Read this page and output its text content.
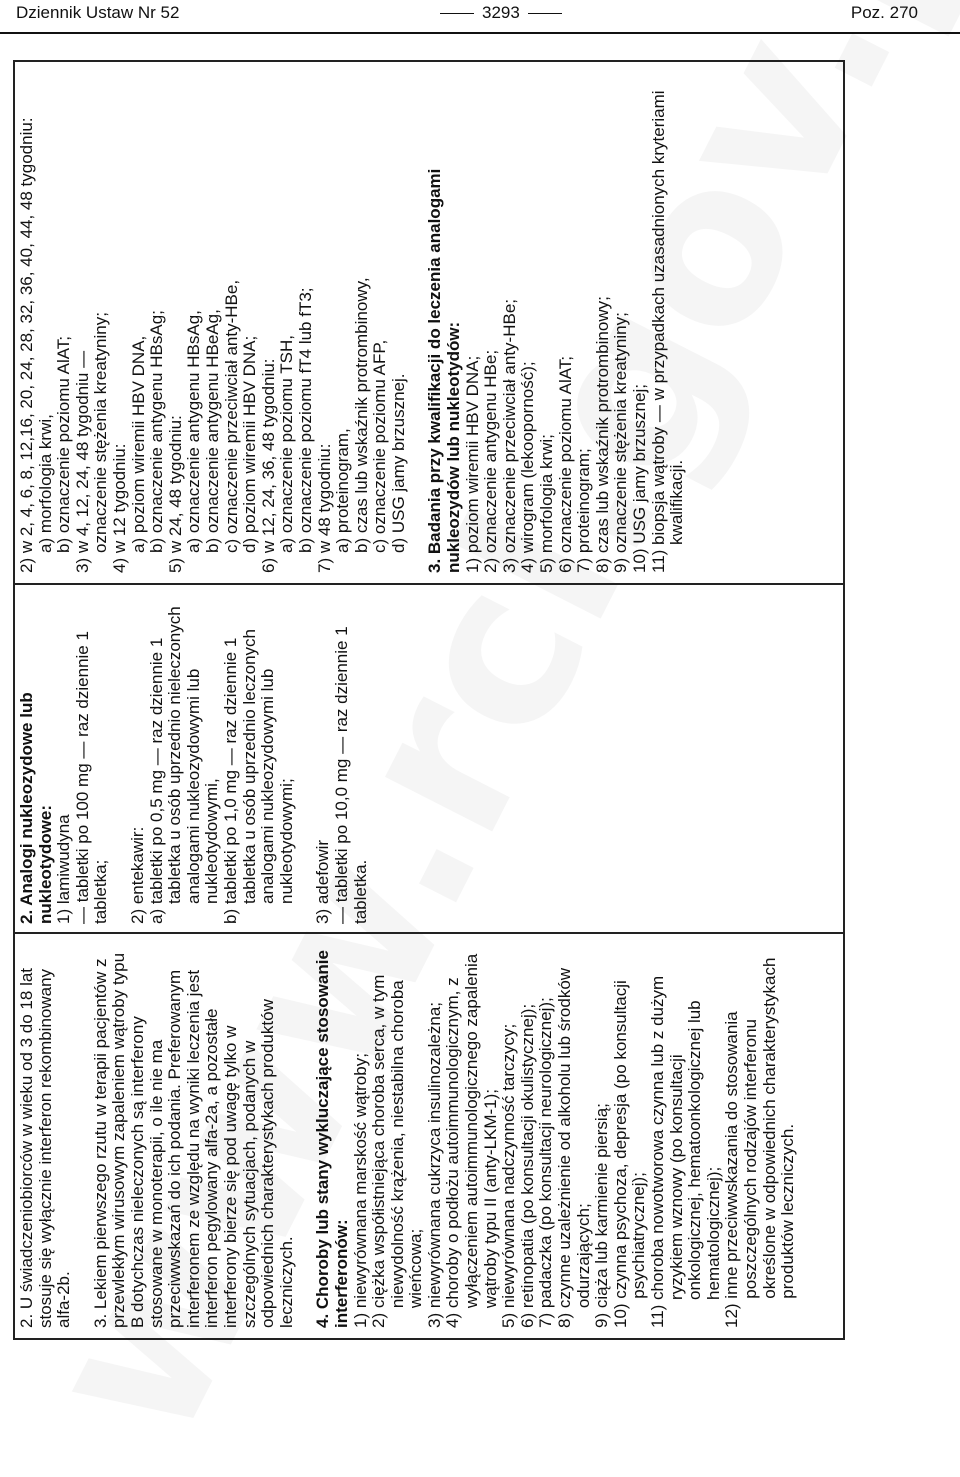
Dziennik Ustaw Nr 52	3293	Poz. 270

2. U świadczeniobiorców w wieku od 3 do 18 lat stosuje się wyłącznie interferon rekombinowany alfa-2b. 3. Lekiem pierwszego rzutu w terapii pacjentów z przewlekłym wirusowym zapaleniem wątroby typu B dotychczas nieleczonych są interferony stosowane w monoterapii, o ile nie ma przeciwwskazań do ich podania. Preferowanym interferonem ze względu na wyniki leczenia jest interferon pegylowany alfa-2a, a pozostałe interferony bierze się pod uwagę tylko w szczególnych sytuacjach, podanych w odpowiednich charakterystykach produktów leczniczych. 4. Choroby lub stany wykluczające stosowanie interferonów: 1)
niewyrównana marskość wątroby;
2)
ciężka współistniejąca choroba serca, w tym niewydolność krążenia, niestabilna choroba wieńcowa;
3)
niewyrównana cukrzyca insulinozależna;
4)
choroby o podłożu autoimmunologicznym, z wyłączeniem autoimmunologicznego zapalenia wątroby typu II (anty-LKM-1);
5)
niewyrównana nadczynność tarczycy;
6)
retinopatia (po konsultacji okulistycznej);
7)
padaczka (po konsultacji neurologicznej);
8)
czynne uzależnienie od alkoholu lub środków odurzających;
9)
ciąża lub karmienie piersią;
10)
czynna psychoza, depresja (po konsultacji psychiatrycznej);
11)
choroba nowotworowa czynna lub z dużym ryzykiem wznowy (po konsultacji onkologicznej, hematoonkologicznej lub hematologicznej);
12)
inne przeciwwskazania do stosowania poszczególnych rodzajów interferonu określone w odpowiednich charakterystykach produktów leczniczych.

2. Analogi nukleozydowe lub nukleotydowe: 1) lamiwudyna — tabletki po 100 mg — raz dziennie 1 tabletka; 2) entekawir: a) tabletki po 0,5 mg — raz dziennie 1 tabletka u osób uprzednio nieleczonych analogami nukleozydowymi lub nukleotydowymi, b) tabletki po 1,0 mg — raz dziennie 1 tabletka u osób uprzednio leczonych analogami nukleozydowymi lub nukleotydowymi; 3) adefowir — tabletki po 10,0 mg — raz dziennie 1 tabletka.

2) w 2, 4, 6, 8, 12,16, 20, 24, 28, 32, 36, 40, 44, 48 tygodniu: a) morfologia krwi, b) oznaczenie poziomu AlAT; 3) w 4, 12, 24, 48 tygodniu — oznaczenie stężenia kreatyniny; 4) w 12 tygodniu: a) poziom wiremii HBV DNA, b) oznaczenie antygenu HBsAg; 5) w 24, 48 tygodniu: a) oznaczenie antygenu HBsAg, b) oznaczenie antygenu HBeAg, c) oznaczenie przeciwciał anty-HBe, d) poziom wiremii HBV DNA; 6) w 12, 24, 36, 48 tygodniu: a) oznaczenie poziomu TSH, b) oznaczenie poziomu fT4 lub fT3; 7) w 48 tygodniu: a) proteinogram, b) czas lub wskaźnik protrombinowy, c) oznaczenie poziomu AFP, d) USG jamy brzusznej. 3. Badania przy kwalifikacji do leczenia analogami nukleozydów lub nukleotydów: 1)
poziom wiremii HBV DNA;
2)
oznaczenie antygenu HBe;
3)
oznaczenie przeciwciał anty-HBe;
4)
wirogram (lekooporność);
5)
morfologia krwi;
6)
oznaczenie poziomu AlAT;
7)
proteinogram;
8)
czas lub wskaźnik protrombinowy;
9)
oznaczenie stężenia kreatyniny;
10)
USG jamy brzusznej;
11)
biopsja wątroby — w przypadkach uzasadnionych kryteriami kwalifikacji.
